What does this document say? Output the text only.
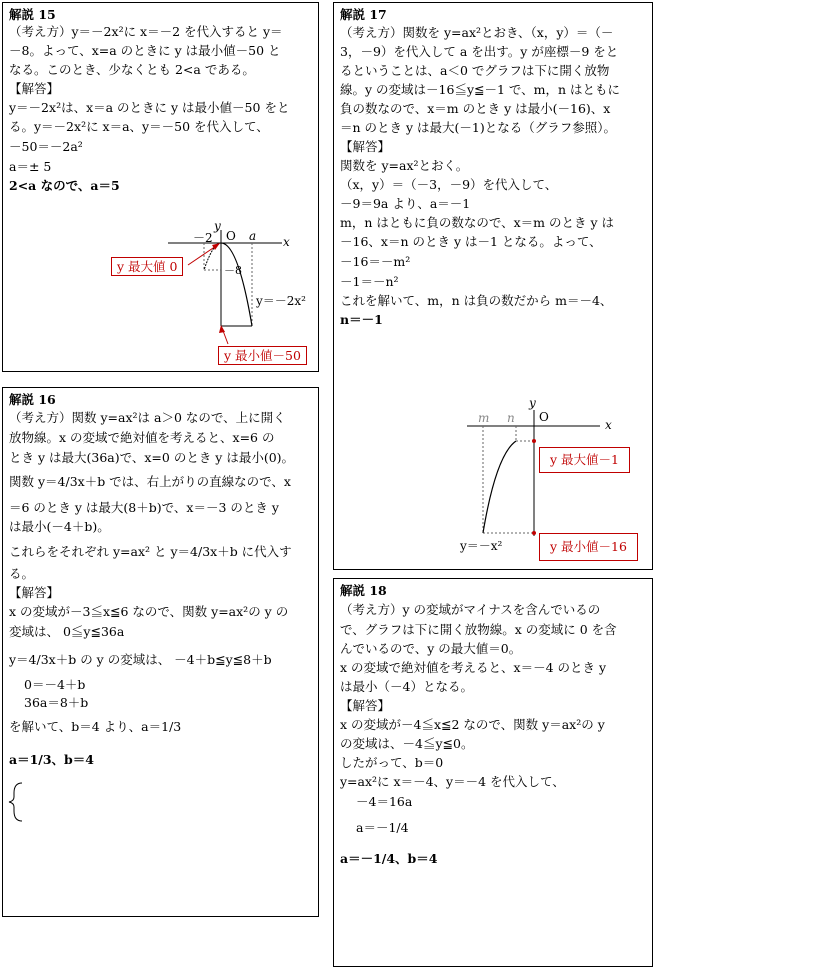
解説 15
（考え方）y＝－2x²に x＝－2 を代入すると y＝
－8。よって、x=a のときに y は最小値－50 と
なる。このとき、少なくとも 2<a である。
【解答】
y＝－2x²は、x＝a のときに y は最小値－50 をと
る。y＝－2x²に x＝a、y＝－50 を代入して、
－50＝－2a²
a＝± 5
2<a なので、a＝5
y
O	x
－2	a
－8
y＝－2x²
y 最大値 0
y 最小値－50
解説 16
（考え方）関数 y=ax²は a＞0 なので、上に開く
放物線。x の変域で絶対値を考えると、x=6 の
とき y は最大(36a)で、x=0 のとき y は最小(0)。
関数 y＝4/3x＋b では、右上がりの直線なので、x
＝6 のとき y は最大(8＋b)で、x＝－3 のとき y
は最小(－4＋b)。
これらをそれぞれ y=ax² と y＝4/3x＋b に代入す
る。
【解答】
x の変域が－3≦x≦6 なので、関数 y=ax²の y の
変域は、 0≦y≦36a
y＝4/3x＋b の y の変域は、 －4＋b≦y≦8＋b
0＝－4＋b
36a＝8＋b
を解いて、b＝4 より、a＝1/3
a＝1/3、b＝4
解説 17
（考え方）関数を y=ax²とおき、（x，y）＝（－
3，－9）を代入して a を出す。y が座標－9 をと
るということは、a＜0 でグラフは下に開く放物
線。y の変域は－16≦y≦－1 で、m，n はともに
負の数なので、x＝m のとき y は最小(－16)、x
＝n のとき y は最大(－1)となる（グラフ参照）。
【解答】
関数を y=ax²とおく。
（x，y）＝（－3，－9）を代入して、
－9＝9a より、a＝－1
m，n はともに負の数なので、x＝m のとき y は
－16、x＝n のとき y は－1 となる。よって、
－16＝－m²
－1＝－n²
これを解いて、m，n は負の数だから m＝－4、
n＝－1
y
O
x
m n
y＝－x²
y 最大値－1
y 最小値－16
解説 18
（考え方）y の変域がマイナスを含んでいるの
で、グラフは下に開く放物線。x の変域に 0 を含
んでいるので、y の最大値＝0。
x の変域で絶対値を考えると、x＝－4 のとき y
は最小（－4）となる。
【解答】
x の変域が－4≦x≦2 なので、関数 y＝ax²の y
の変域は、－4≦y≦0。
したがって、b＝0
y=ax²に x＝－4、y＝－4 を代入して、
－4＝16a
a＝－1/4
a＝－1/4、b＝4
